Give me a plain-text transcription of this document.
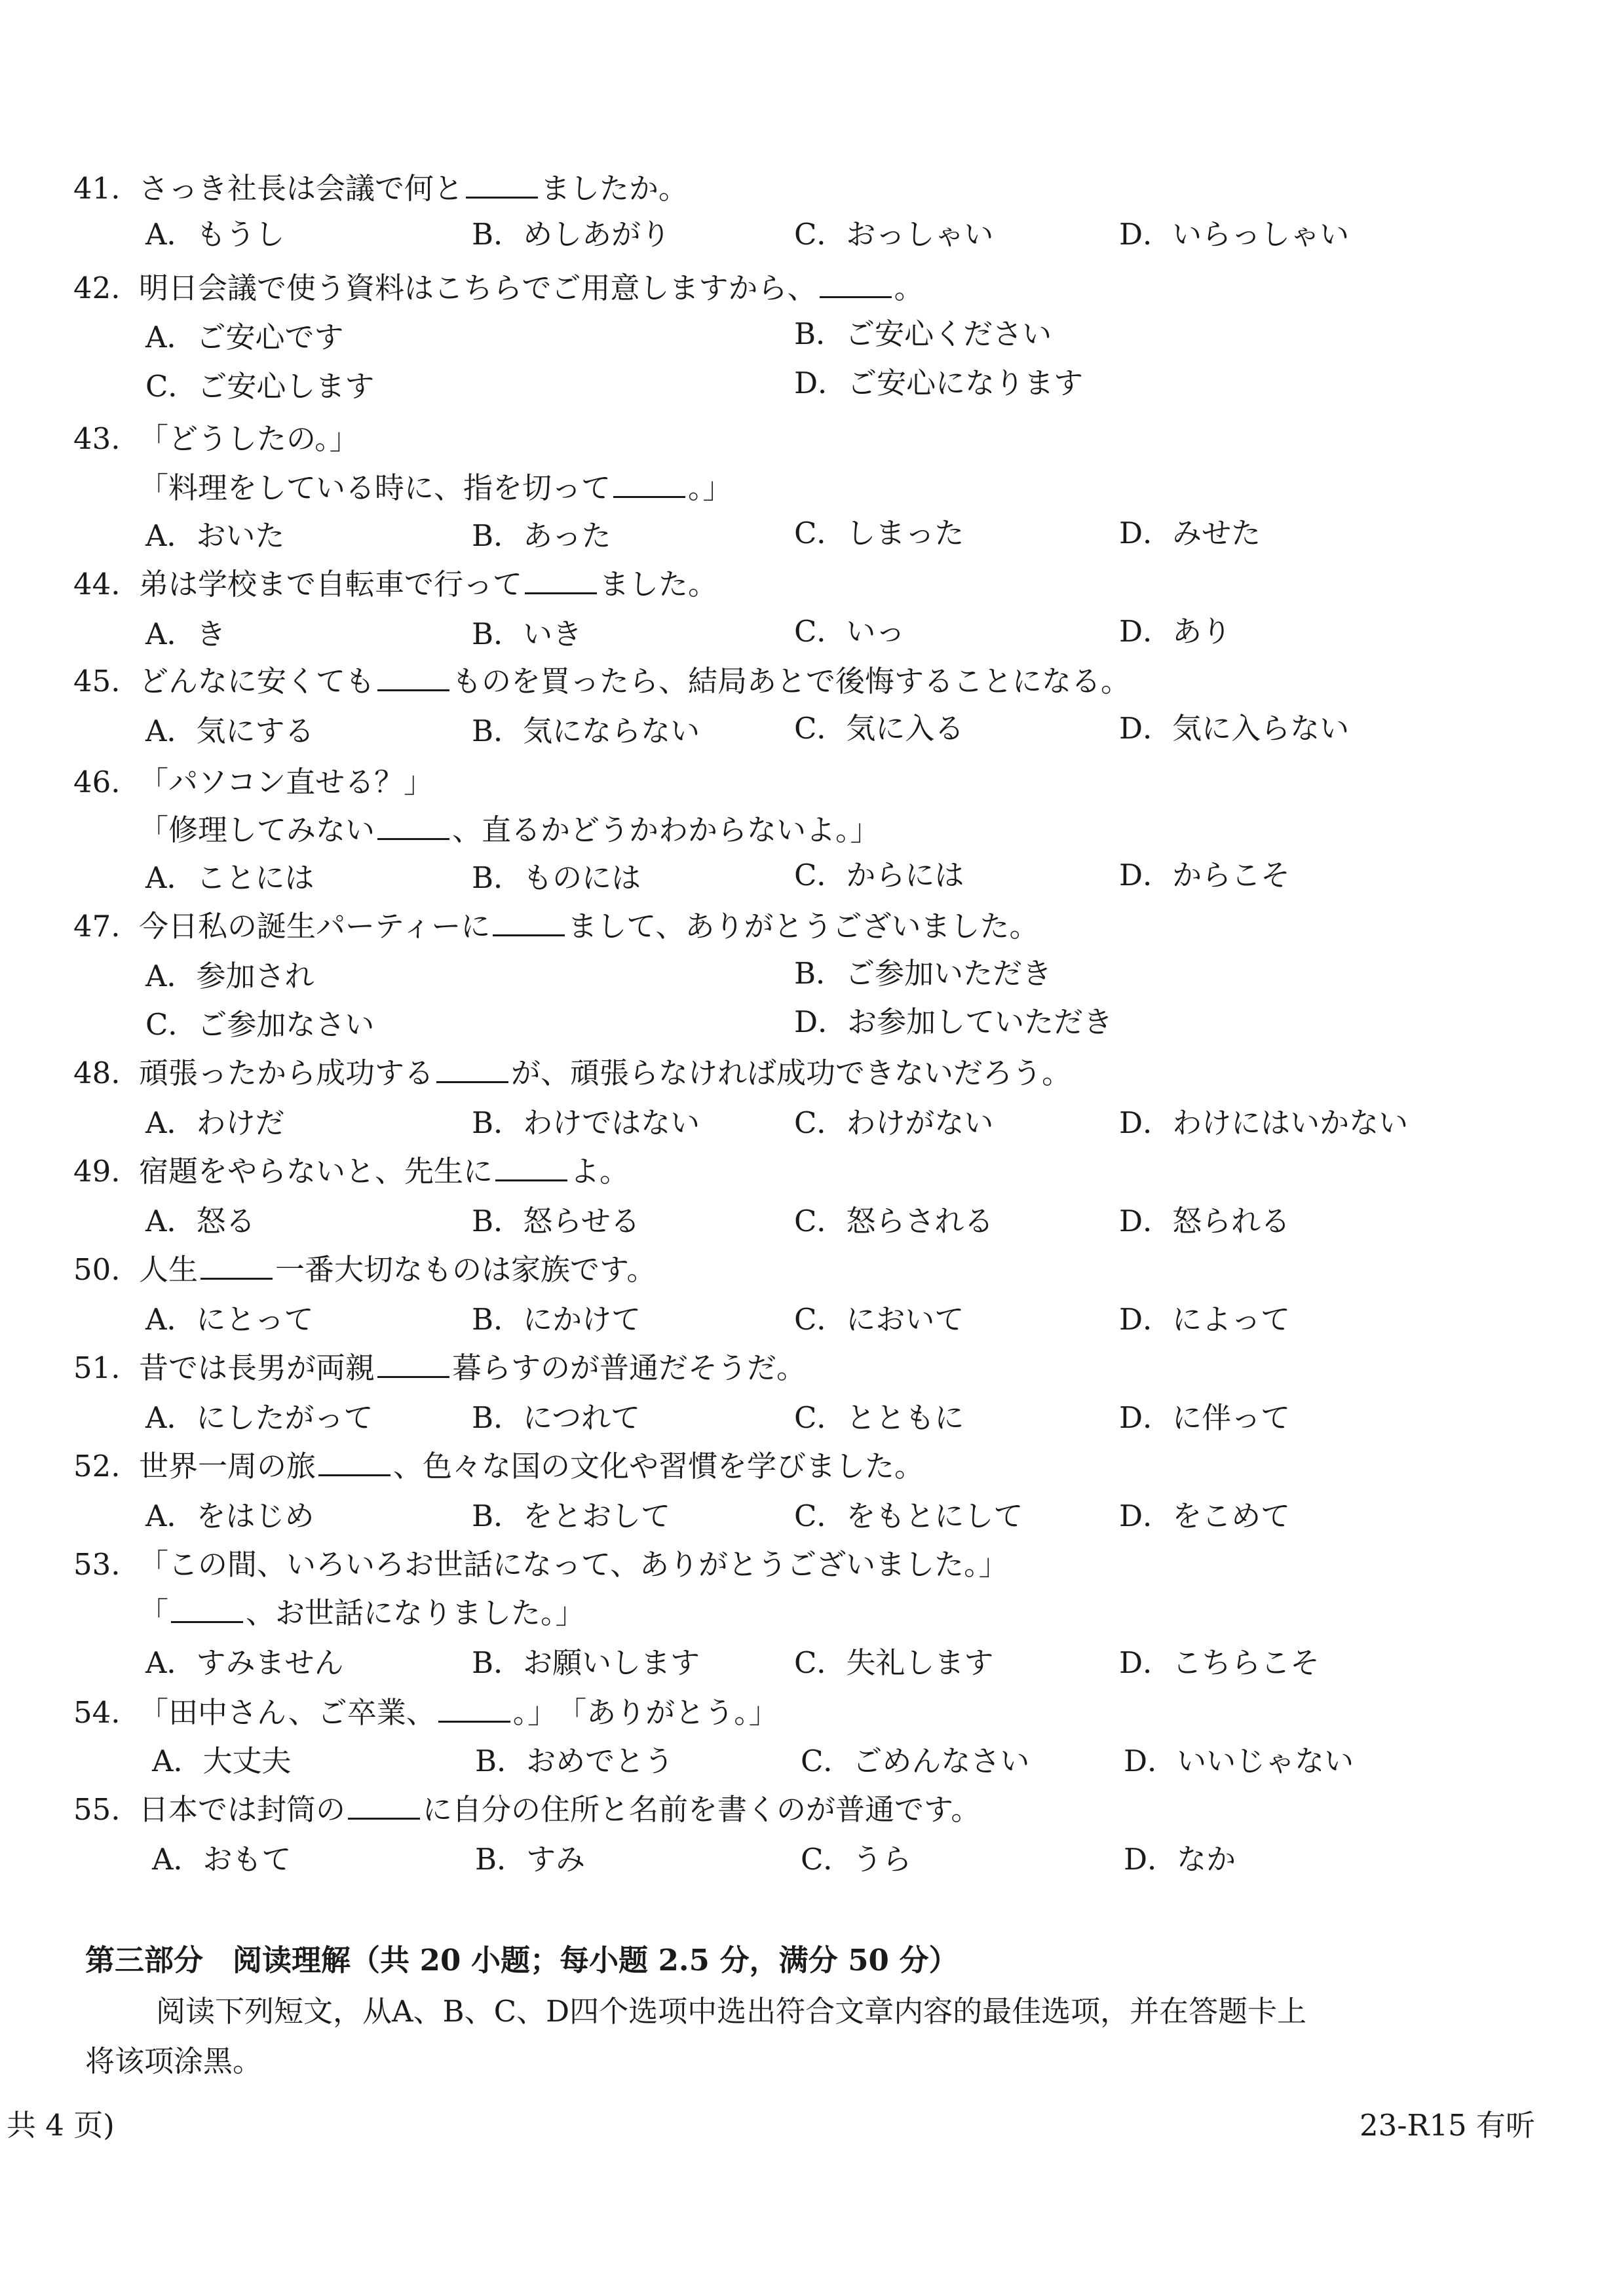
41. さっき社長は会議で何と	ましたか。
A．もうし	B．めしあがり	C．おっしゃい	D．いらっしゃい
42. 明日会議で使う資料はこちらでご用意しますから、	。
A．ご安心です	B．ご安心ください
C．ご安心します	D．ご安心になります
43. 「どうしたの。」
「料理をしている時に、指を切って	。」
A．おいた	B．あった	C．しまった	D．みせた
44. 弟は学校まで自転車で行って	ました。
A．き	B．いき	C．いっ	D．あり
45. どんなに安くても	ものを買ったら、結局あとで後悔することになる。
A．気にする	B．気にならない	C．気に入る	D．気に入らない
46. 「パソコン直せる？」
「修理してみない	、直るかどうかわからないよ。」
A．ことには	B．ものには	C．からには	D．からこそ
47. 今日私の誕生パーティーに	まして、ありがとうございました。
A．参加され	B．ご参加いただき
C．ご参加なさい	D．お参加していただき
48. 頑張ったから成功する	が、頑張らなければ成功できないだろう。
A．わけだ	B．わけではない	C．わけがない	D．わけにはいかない
49. 宿題をやらないと、先生に	よ。
A．怒る	B．怒らせる	C．怒らされる	D．怒られる
50. 人生	一番大切なものは家族です。
A．にとって	B．にかけて	C．において	D．によって
51. 昔では長男が両親	暮らすのが普通だそうだ。
A．にしたがって	B．につれて	C．とともに	D．に伴って
52. 世界一周の旅	、色々な国の文化や習慣を学びました。
A．をはじめ	B．をとおして	C．をもとにして	D．をこめて
53. 「この間、いろいろお世話になって、ありがとうございました。」
「	、お世話になりました。」
A．すみません	B．お願いします	C．失礼します	D．こちらこそ
54. 「田中さん、ご卒業、	。」　「ありがとう。」
A．大丈夫	B．おめでとう	C．ごめんなさい	D．いいじゃない
55. 日本では封筒の	に自分の住所と名前を書くのが普通です。
A．おもて	B．すみ	C．うら	D．なか
第三部分　阅读理解（共 20 小题；每小题 2.5 分，满分 50 分）
阅读下列短文，从A、B、C、D四个选项中选出符合文章内容的最佳选项，并在答题卡上
将该项涂黑。
共 4 页)	23-R15 有听
